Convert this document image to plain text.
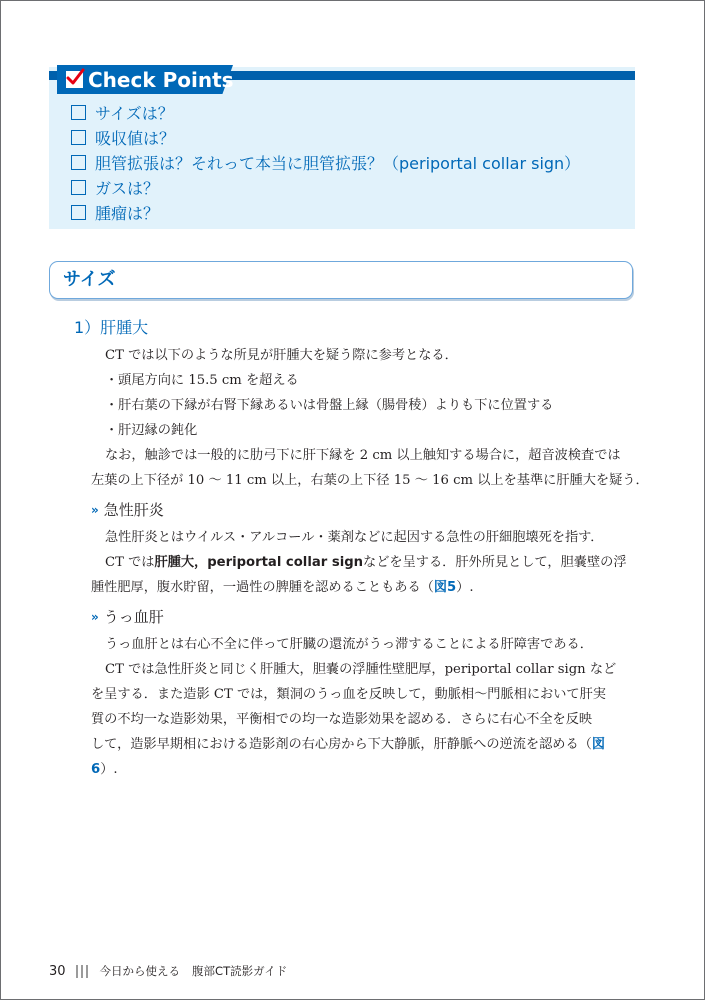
Check Points
サイズは？
吸収値は？
胆管拡張は？それって本当に胆管拡張？（periportal collar sign）
ガスは？
腫瘤は？
サイズ
1）肝腫大
CT では以下のような所見が肝腫大を疑う際に参考となる．
・頭尾方向に 15.5 cm を超える
・肝右葉の下縁が右腎下縁あるいは骨盤上縁（腸骨稜）よりも下に位置する
・肝辺縁の鈍化
なお，触診では一般的に肋弓下に肝下縁を 2 cm 以上触知する場合に，超音波検査では
左葉の上下径が 10 ～ 11 cm 以上，右葉の上下径 15 ～ 16 cm 以上を基準に肝腫大を疑う．
» 急性肝炎
急性肝炎とはウイルス・アルコール・薬剤などに起因する急性の肝細胞壊死を指す．
CT では肝腫大，periportal collar signなどを呈する．肝外所見として，胆嚢壁の浮
腫性肥厚，腹水貯留，一過性の脾腫を認めることもある（図5）.
» うっ血肝
うっ血肝とは右心不全に伴って肝臓の還流がうっ滞することによる肝障害である．
CT では急性肝炎と同じく肝腫大，胆嚢の浮腫性壁肥厚，periportal collar sign など
を呈する．また造影 CT では，類洞のうっ血を反映して，動脈相～門脈相において肝実
質の不均一な造影効果，平衡相での均一な造影効果を認める．さらに右心不全を反映
して，造影早期相における造影剤の右心房から下大静脈，肝静脈への逆流を認める（図
6）.
30	今日から使える 腹部CT読影ガイド
